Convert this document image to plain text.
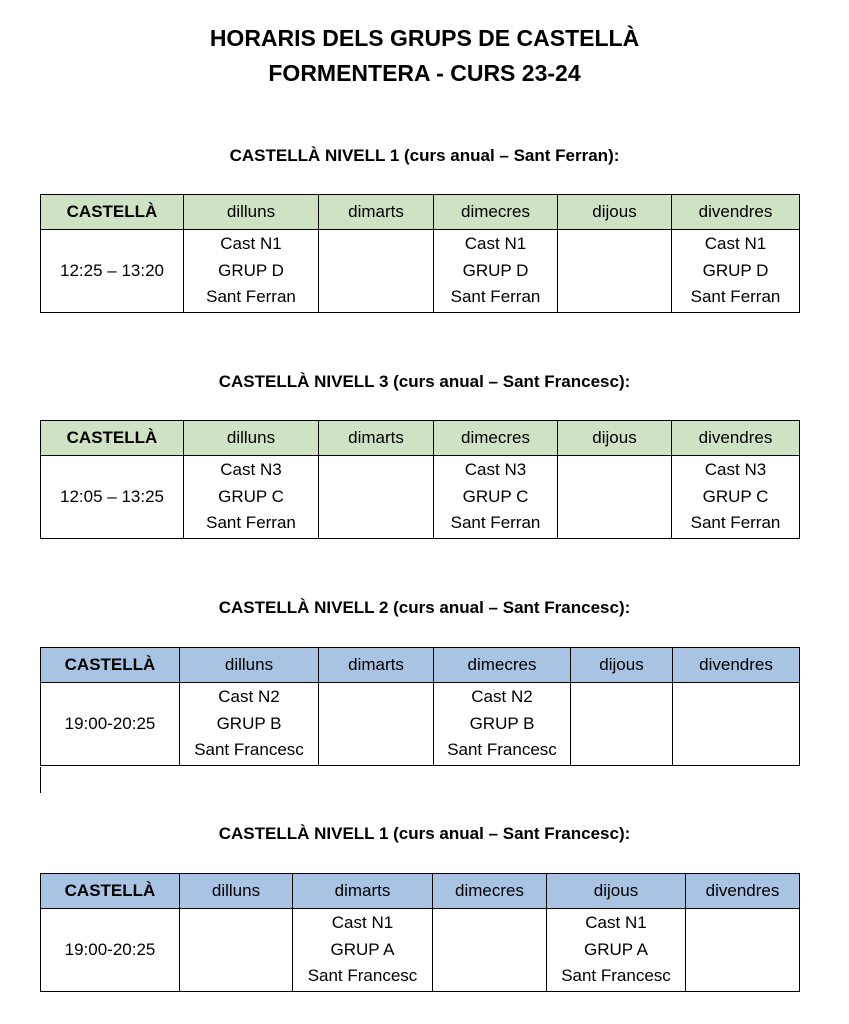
HORARIS DELS GRUPS DE CASTELLÀ
FORMENTERA - CURS 23-24
CASTELLÀ NIVELL 1 (curs anual – Sant Ferran):
CASTELLÀ	dilluns	dimarts	dimecres	dijous	divendres
12:25 – 13:20	Cast N1
GRUP D
Sant Ferran		Cast N1
GRUP D
Sant Ferran		Cast N1
GRUP D
Sant Ferran
CASTELLÀ NIVELL 3 (curs anual – Sant Francesc):
CASTELLÀ	dilluns	dimarts	dimecres	dijous	divendres
12:05 – 13:25	Cast N3
GRUP C
Sant Ferran		Cast N3
GRUP C
Sant Ferran		Cast N3
GRUP C
Sant Ferran
CASTELLÀ NIVELL 2 (curs anual – Sant Francesc):
CASTELLÀ	dilluns	dimarts	dimecres	dijous	divendres
19:00-20:25	Cast N2
GRUP B
Sant Francesc		Cast N2
GRUP B
Sant Francesc		

CASTELLÀ NIVELL 1 (curs anual – Sant Francesc):
CASTELLÀ	dilluns	dimarts	dimecres	dijous	divendres
19:00-20:25		Cast N1
GRUP A
Sant Francesc		Cast N1
GRUP A
Sant Francesc	
